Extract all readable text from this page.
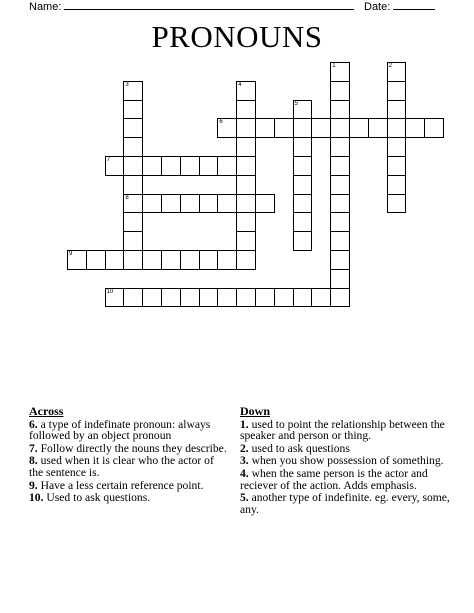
Name:	Date:
PRONOUNS
1	2
3
8
4
5
6
7
9
10
Across
6. a type of indefinate pronoun: always followed by an object pronoun
7. Follow directly the nouns they describe.
8. used when it is clear who the actor of the sentence is.
9. Have a less certain reference point.
10. Used to ask questions.
Down
1. used to point the relationship between the speaker and person or thing.
2. used to ask questions
3. when you show possession of something.
4. when the same person is the actor and reciever of the action. Adds emphasis.
5. another type of indefinite. eg. every, some, any.
